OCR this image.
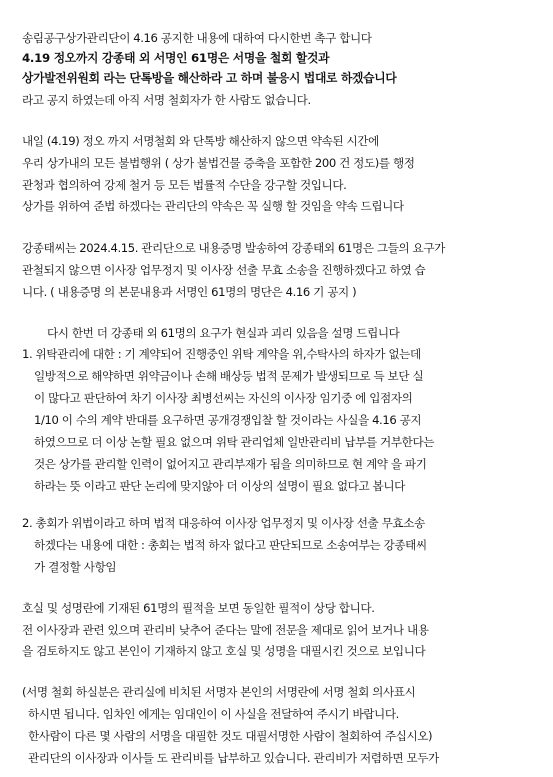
송림공구상가관리단이 4.16 공지한 내용에 대하여 다시한번 촉구 합니다
4.19 정오까지 강종태 외 서명인 61명은 서명을 철회 할것과
상가발전위원회 라는 단톡방을 해산하라 고 하며 불응시 법대로 하겠습니다
라고 공지 하였는데 아직 서명 철회자가 한 사람도 없습니다.
내일 (4.19) 정오 까지 서명철회 와 단톡방 해산하지 않으면 약속된 시간에
우리 상가내의 모든 불법행위 ( 상가 불법건물 증축을 포함한 200 건 정도)를 행정
관청과 협의하여 강제 철거 등 모든 법률적 수단을 강구할 것입니다.
상가를 위하여 준법 하겠다는 관리단의 약속은 꼭 실행 할 것임을 약속 드립니다
강종태씨는 2024.4.15. 관리단으로 내용증명 발송하여 강종태외 61명은 그들의 요구가
관철되지 않으면 이사장 업무정지 및 이사장 선출 무효 소송을 진행하겠다고 하였 습
니다. ( 내용증명 의 본문내용과 서명인 61명의 명단은 4.16 기 공지 )
다시 한번 더 강종태 외 61명의 요구가 현실과 괴리 있음을 설명 드립니다
1. 위탁관리에 대한 : 기 계약되어 진행중인 위탁 계약을 위,수탁사의 하자가 없는데
일방적으로 해약하면 위약금이나 손해 배상등 법적 문제가 발생되므로 득 보단 실
이 많다고 판단하여 차기 이사장 최병선씨는 자신의 이사장 임기중 에 입점자의
1/10 이 수의 계약 반대를 요구하면 공개경쟁입찰 할 것이라는 사실을 4.16 공지
하였으므로 더 이상 논할 필요 없으며 위탁 관리업체 일반관리비 납부를 거부한다는
것은 상가를 관리할 인력이 없어지고 관리부재가 됨을 의미하므로 현 계약 을 파기
하라는 뜻 이라고 판단 논리에 맞지않아 더 이상의 설명이 필요 없다고 봅니다
2. 총회가 위법이라고 하며 법적 대응하여 이사장 업무정지 및 이사장 선출 무효소송
하겠다는 내용에 대한 : 총회는 법적 하자 없다고 판단되므로 소송여부는 강종태씨
가 결정할 사항임
호실 및 성명란에 기재된 61명의 필적을 보면 동일한 필적이 상당 합니다.
전 이사장과 관련 있으며 관리비 낮추어 준다는 말에 전문을 제대로 읽어 보거나 내용
을 검토하지도 않고 본인이 기재하지 않고 호실 및 성명을 대필시킨 것으로 보입니다
(서명 철회 하실분은 관리실에 비치된 서명자 본인의 서명란에 서명 철회 의사표시
하시면 됩니다. 임차인 에게는 임대인이 이 사실을 전달하여 주시기 바랍니다.
한사람이 다른 몇 사람의 서명을 대필한 것도 대필서명한 사람이 철회하여 주십시오)
관리단의 이사장과 이사들 도 관리비를 납부하고 있습니다. 관리비가 저렴하면 모두가
